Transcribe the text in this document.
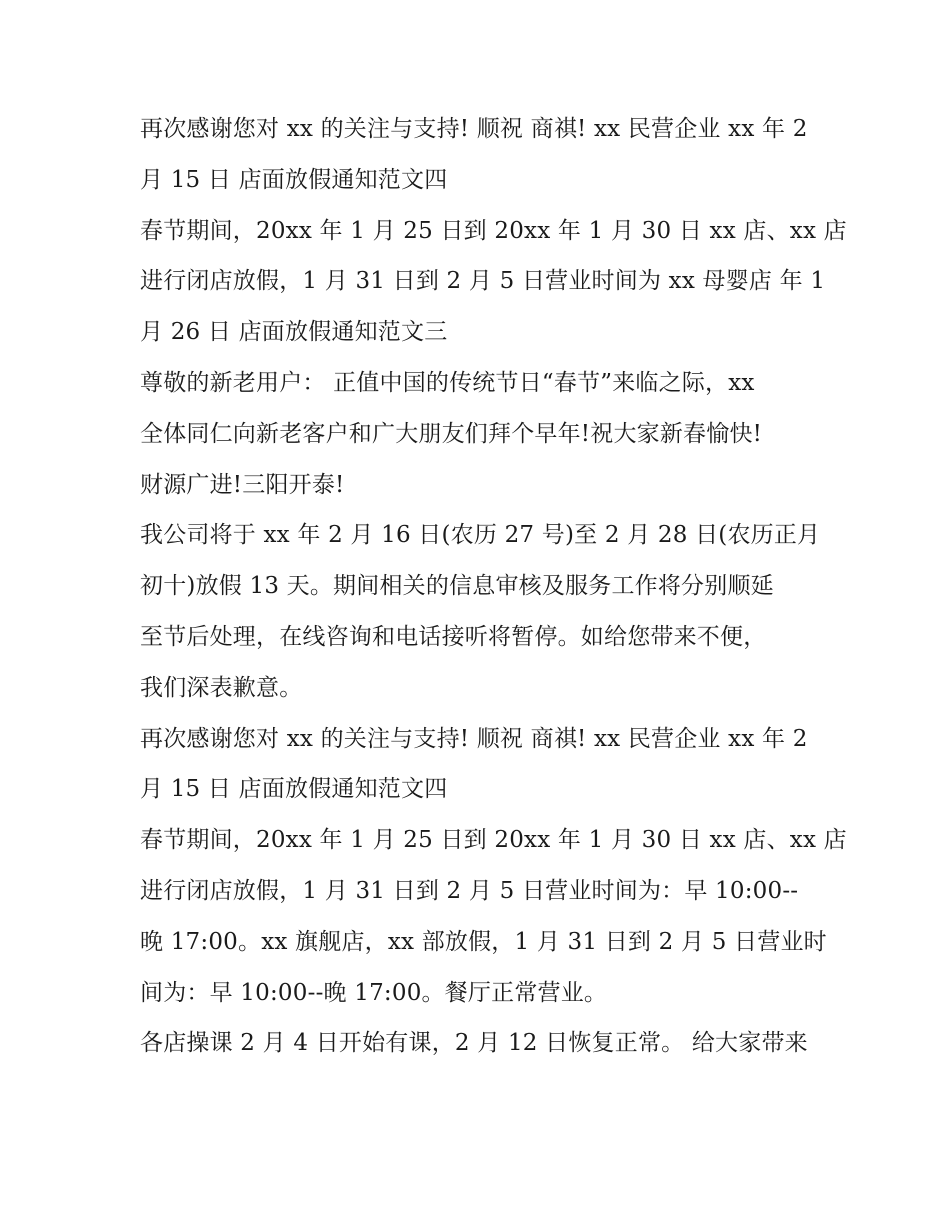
再次感谢您对 xx 的关注与支持! 顺祝 商祺! xx 民营企业 xx 年 2
月 15 日 店面放假通知范文四
春节期间，20xx 年 1 月 25 日到 20xx 年 1 月 30 日 xx 店、xx 店
进行闭店放假，1 月 31 日到 2 月 5 日营业时间为 xx 母婴店 年 1
月 26 日 店面放假通知范文三
尊敬的新老用户： 正值中国的传统节日“春节”来临之际，xx
全体同仁向新老客户和广大朋友们拜个早年!祝大家新春愉快!
财源广进!三阳开泰!
我公司将于 xx 年 2 月 16 日(农历 27 号)至 2 月 28 日(农历正月
初十)放假 13 天。期间相关的信息审核及服务工作将分别顺延
至节后处理，在线咨询和电话接听将暂停。如给您带来不便，
我们深表歉意。
再次感谢您对 xx 的关注与支持! 顺祝 商祺! xx 民营企业 xx 年 2
月 15 日 店面放假通知范文四
春节期间，20xx 年 1 月 25 日到 20xx 年 1 月 30 日 xx 店、xx 店
进行闭店放假，1 月 31 日到 2 月 5 日营业时间为：早 10:00--
晚 17:00。xx 旗舰店，xx 部放假，1 月 31 日到 2 月 5 日营业时
间为：早 10:00--晚 17:00。餐厅正常营业。
各店操课 2 月 4 日开始有课，2 月 12 日恢复正常。 给大家带来
